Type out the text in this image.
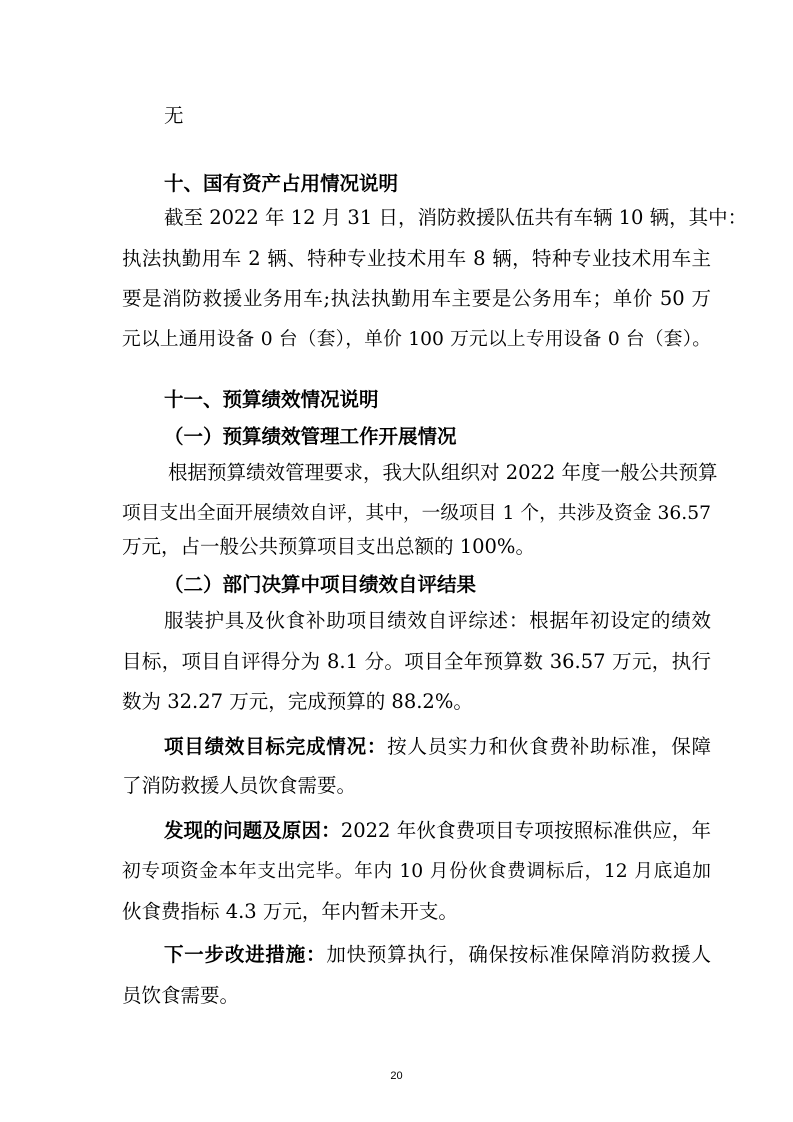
无
十、国有资产占用情况说明
截至 2022 年 12 月 31 日，消防救援队伍共有车辆 10 辆，其中：
执法执勤用车 2 辆、特种专业技术用车 8 辆，特种专业技术用车主
要是消防救援业务用车;执法执勤用车主要是公务用车；单价 50 万
元以上通用设备 0 台（套），单价 100 万元以上专用设备 0 台（套）。
十一、预算绩效情况说明
（一）预算绩效管理工作开展情况
根据预算绩效管理要求，我大队组织对 2022 年度一般公共预算
项目支出全面开展绩效自评，其中，一级项目 1 个，共涉及资金 36.57
万元，占一般公共预算项目支出总额的 100%。
（二）部门决算中项目绩效自评结果
服装护具及伙食补助项目绩效自评综述：根据年初设定的绩效
目标，项目自评得分为 8.1 分。项目全年预算数 36.57 万元，执行
数为 32.27 万元，完成预算的 88.2%。
项目绩效目标完成情况：按人员实力和伙食费补助标准，保障
了消防救援人员饮食需要。
发现的问题及原因：2022 年伙食费项目专项按照标准供应，年
初专项资金本年支出完毕。年内 10 月份伙食费调标后，12 月底追加
伙食费指标 4.3 万元，年内暂未开支。
下一步改进措施：加快预算执行，确保按标准保障消防救援人
员饮食需要。
20
